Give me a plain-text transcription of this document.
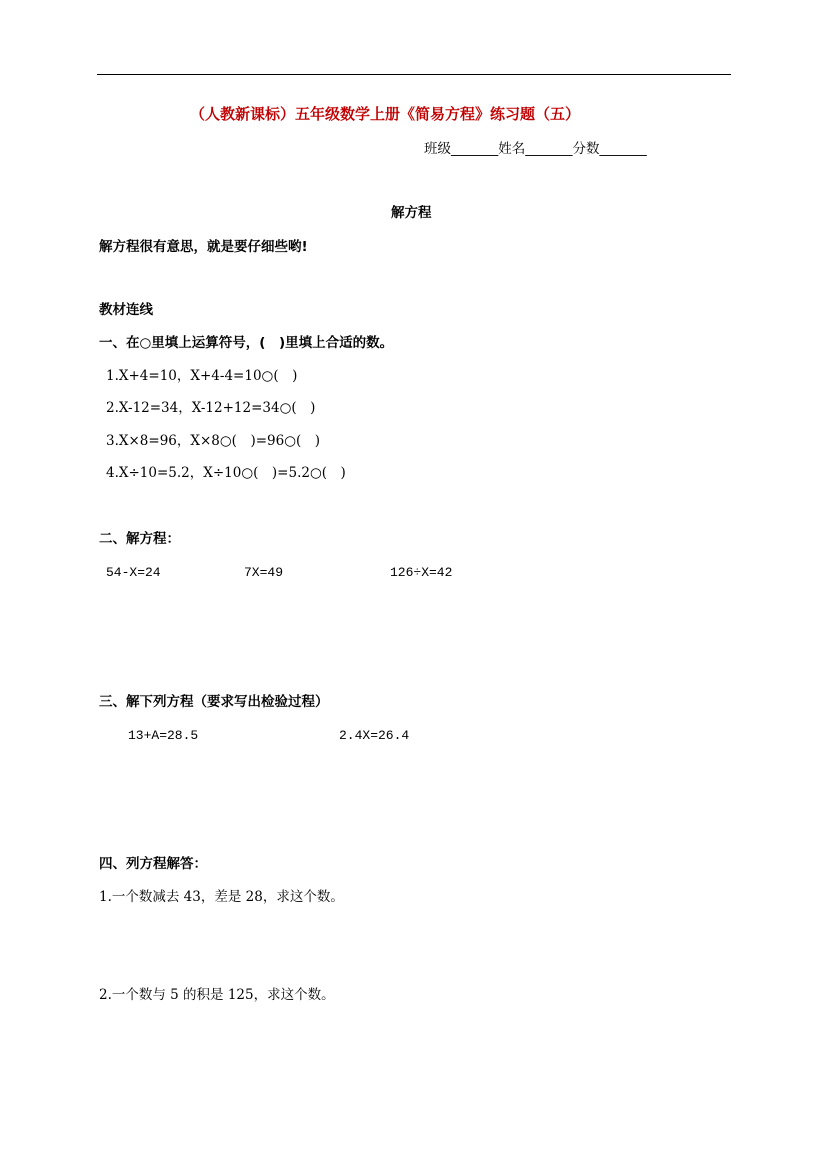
（人教新课标）五年级数学上册《简易方程》练习题（五）
班级_______姓名_______分数_______
解方程
解方程很有意思，就是要仔细些哟!
教材连线
一、在○里填上运算符号，(　)里填上合适的数。
1.X+4=10，X+4-4=10○(　)
2.X-12=34，X-12+12=34○(　)
3.X×8=96，X×8○(　)=96○(　)
4.X÷10=5.2，X÷10○(　)=5.2○(　)
二、解方程：
54-X=24	7X=49	126÷X=42
三、解下列方程（要求写出检验过程）
13+A=28.5	2.4X=26.4
四、列方程解答：
1.一个数减去 43，差是 28，求这个数。
2.一个数与 5 的积是 125，求这个数。
